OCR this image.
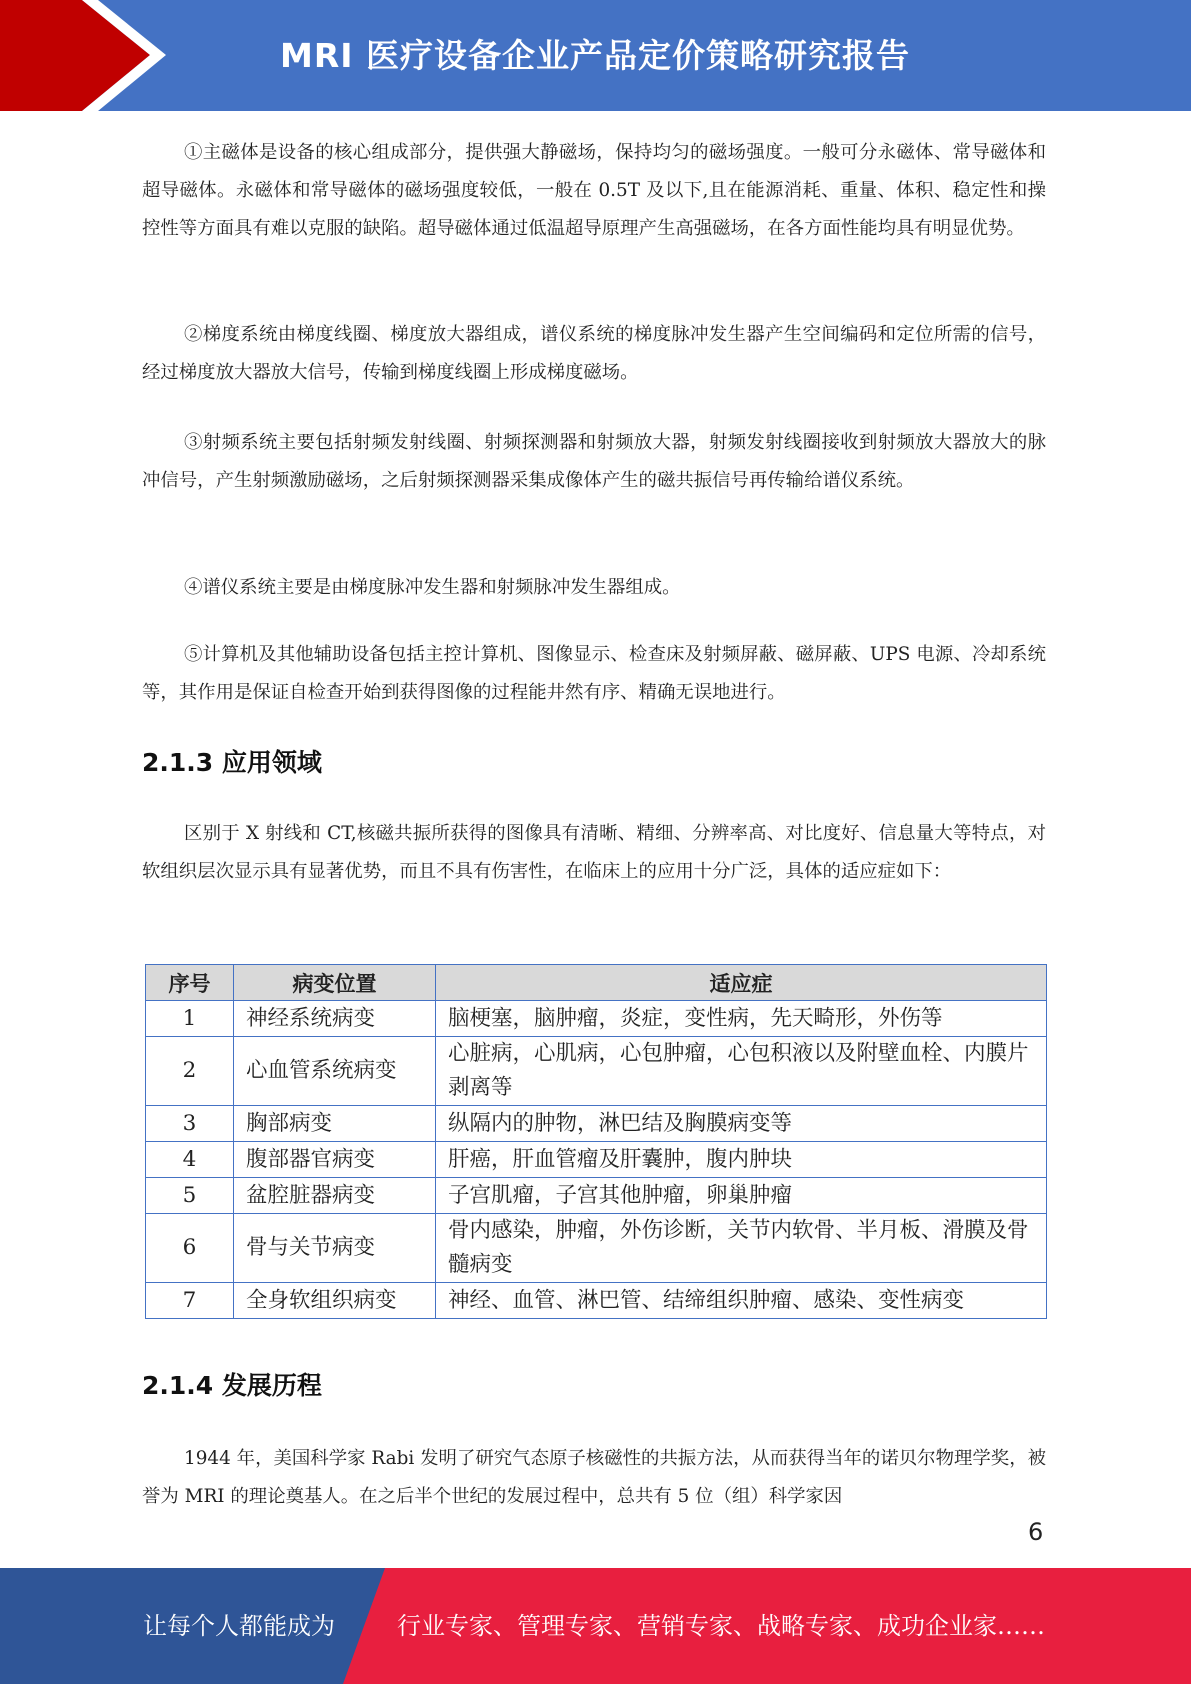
MRI 医疗设备企业产品定价策略研究报告
①主磁体是设备的核心组成部分，提供强大静磁场，保持均匀的磁场强度。一般可分永磁体、常导磁体和超导磁体。永磁体和常导磁体的磁场强度较低，一般在 0.5T 及以下,且在能源消耗、重量、体积、稳定性和操控性等方面具有难以克服的缺陷。超导磁体通过低温超导原理产生高强磁场，在各方面性能均具有明显优势。
②梯度系统由梯度线圈、梯度放大器组成，谱仪系统的梯度脉冲发生器产生空间编码和定位所需的信号，经过梯度放大器放大信号，传输到梯度线圈上形成梯度磁场。
③射频系统主要包括射频发射线圈、射频探测器和射频放大器，射频发射线圈接收到射频放大器放大的脉冲信号，产生射频激励磁场，之后射频探测器采集成像体产生的磁共振信号再传输给谱仪系统。
④谱仪系统主要是由梯度脉冲发生器和射频脉冲发生器组成。
⑤计算机及其他辅助设备包括主控计算机、图像显示、检查床及射频屏蔽、磁屏蔽、UPS 电源、冷却系统等，其作用是保证自检查开始到获得图像的过程能井然有序、精确无误地进行。
2.1.3 应用领域
区别于 X 射线和 CT,核磁共振所获得的图像具有清晰、精细、分辨率高、对比度好、信息量大等特点，对软组织层次显示具有显著优势，而且不具有伤害性，在临床上的应用十分广泛，具体的适应症如下：
序号	病变位置	适应症
1	神经系统病变	脑梗塞，脑肿瘤，炎症，变性病，先天畸形，外伤等
2	心血管系统病变	心脏病，心肌病，心包肿瘤，心包积液以及附壁血栓、内膜片剥离等
3	胸部病变	纵隔内的肿物，淋巴结及胸膜病变等
4	腹部器官病变	肝癌，肝血管瘤及肝囊肿，腹内肿块
5	盆腔脏器病变	子宫肌瘤，子宫其他肿瘤，卵巢肿瘤
6	骨与关节病变	骨内感染，肿瘤，外伤诊断，关节内软骨、半月板、滑膜及骨髓病变
7	全身软组织病变	神经、血管、淋巴管、结缔组织肿瘤、感染、变性病变
2.1.4 发展历程
1944 年，美国科学家 Rabi 发明了研究气态原子核磁性的共振方法，从而获得当年的诺贝尔物理学奖，被誉为 MRI 的理论奠基人。在之后半个世纪的发展过程中，总共有 5 位（组）科学家因
6
让每个人都能成为	行业专家、管理专家、营销专家、战略专家、成功企业家……
